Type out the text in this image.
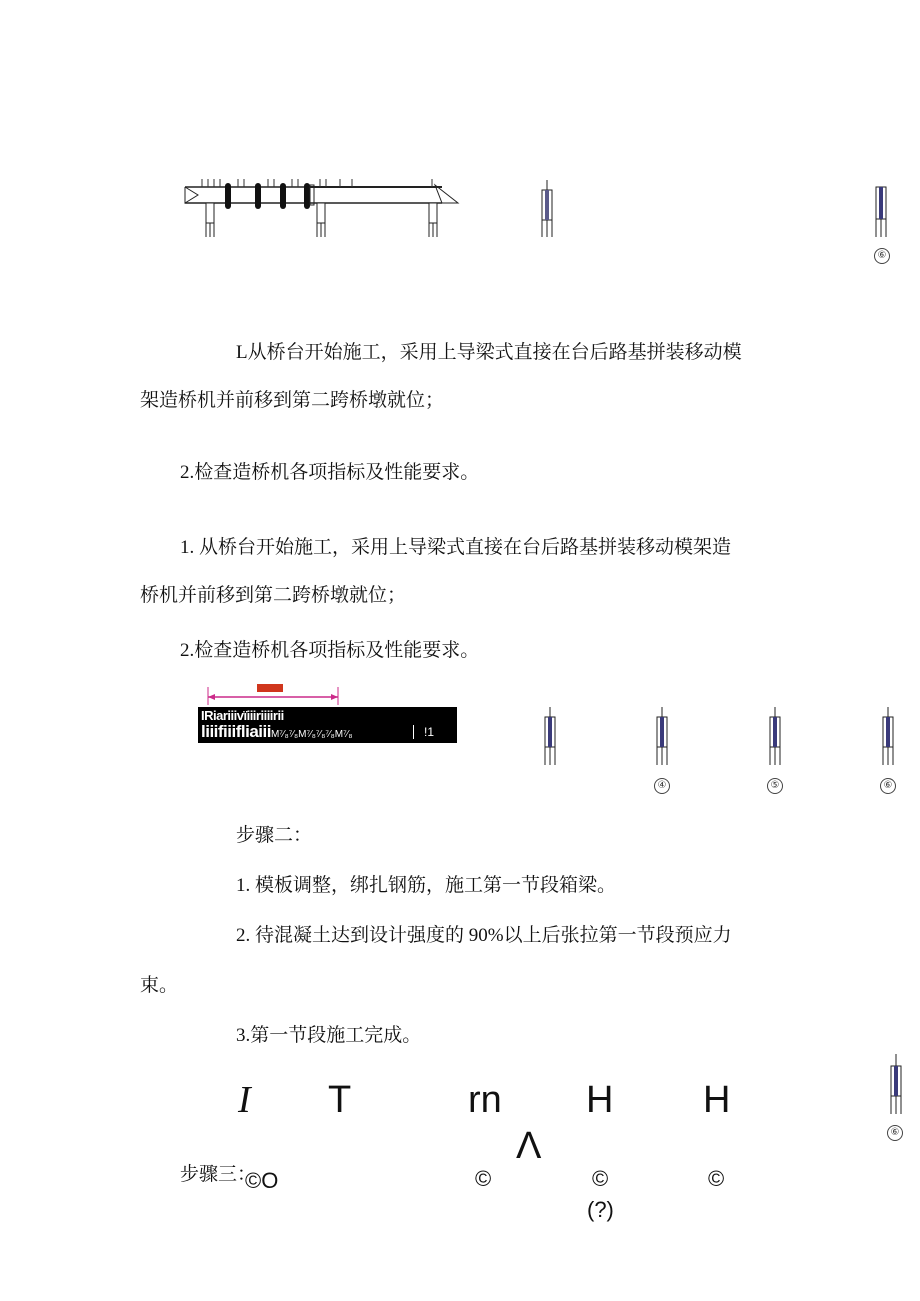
⑥
L从桥台开始施工，采用上导梁式直接在台后路基拼装移动模
架造桥机并前移到第二跨桥墩就位；
2.检查造桥机各项指标及性能要求。
1. 从桥台开始施工，采用上导梁式直接在台后路基拼装移动模架造
桥机并前移到第二跨桥墩就位；
2.检查造桥机各项指标及性能要求。
IRiariiivïiiiriiiirii
liiifiiifliaiiiM⁷⁄₈⁷⁄₈M⁷⁄₈⁷⁄₈⁷⁄₈M⁷⁄₈	!1
④	⑤	⑥
步骤二：
1. 模板调整，绑扎钢筋，施工第一节段箱梁。
2. 待混凝土达到设计强度的 90%以上后张拉第一节段预应力
束。
3.第一节段施工完成。
I T	rn H H
Λ
步骤三：
©O	©	©	©
(?)
⑥
